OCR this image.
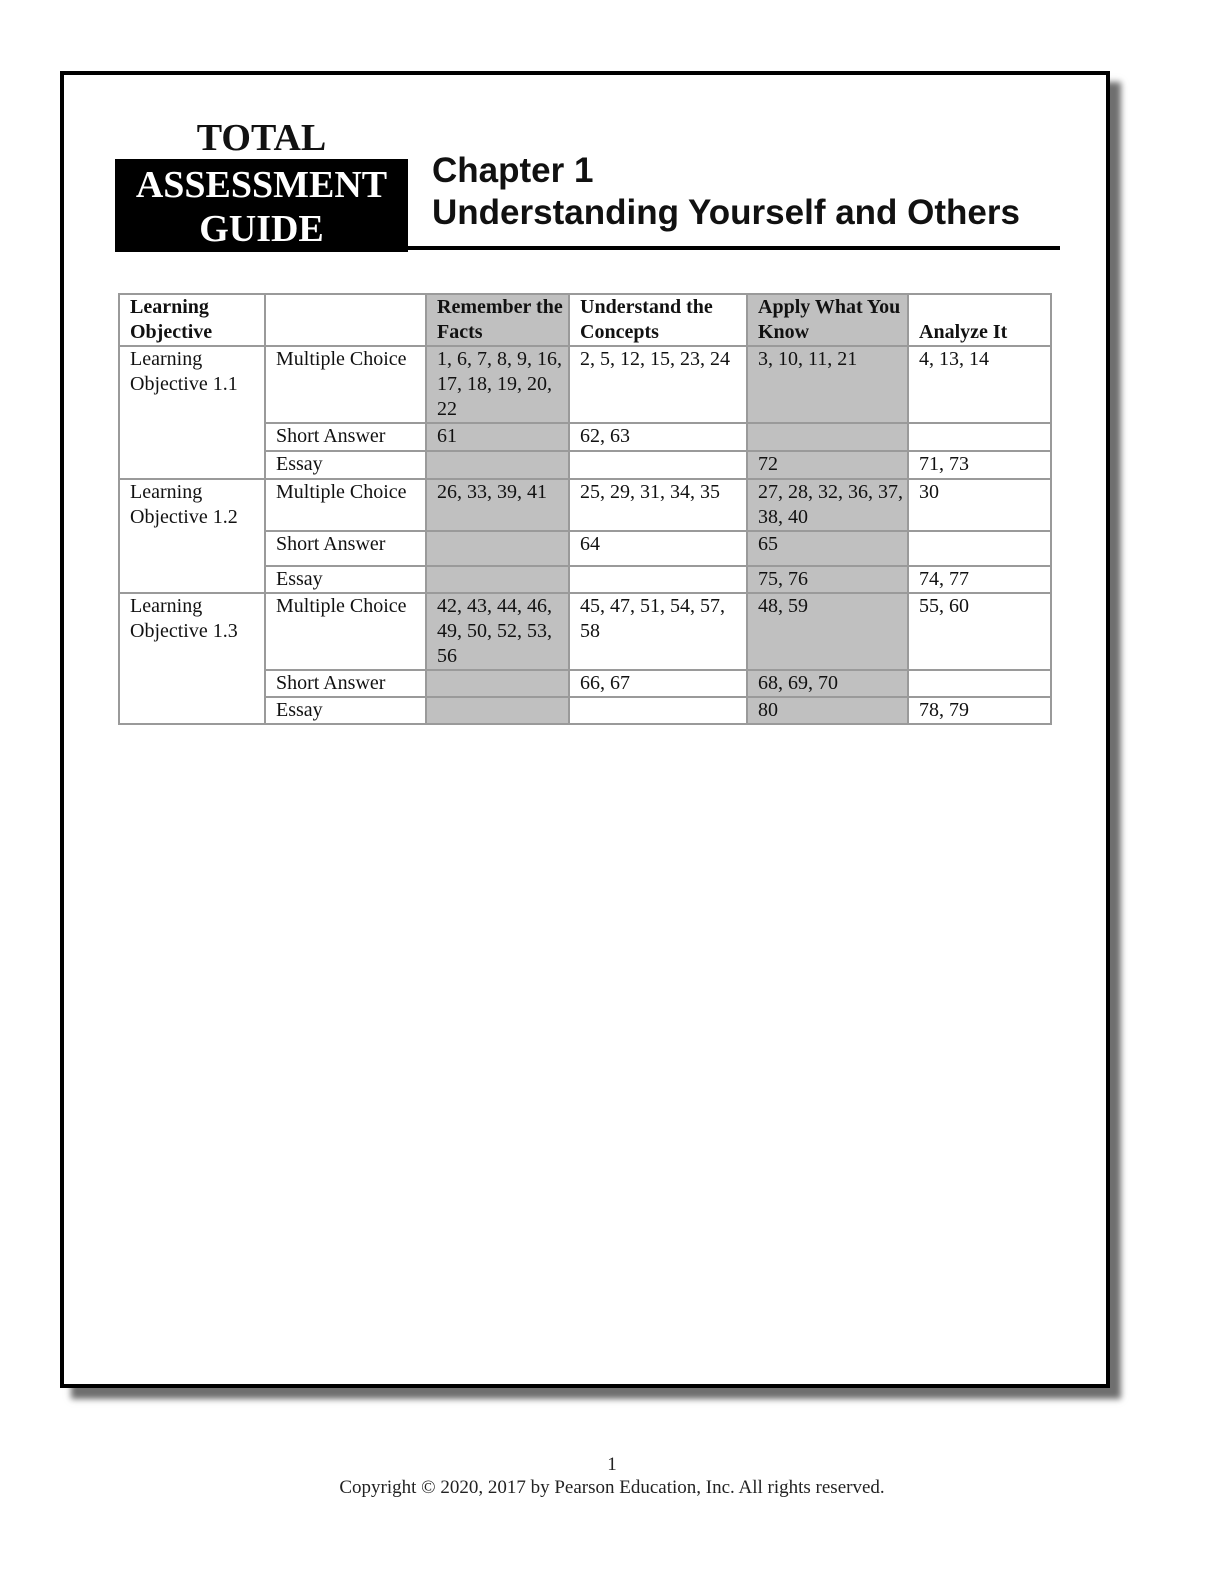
TOTAL
ASSESSMENT
GUIDE
Chapter 1
Understanding Yourself and Others
Learning Objective		Remember the Facts	Understand the Concepts	Apply What You Know	Analyze It
Learning Objective 1.1	Multiple Choice	1, 6, 7, 8, 9, 16, 17, 18, 19, 20, 22	2, 5, 12, 15, 23, 24	3, 10, 11, 21	4, 13, 14
	Short Answer	61	62, 63		
	Essay			72	71, 73
Learning Objective 1.2	Multiple Choice	26, 33, 39, 41	25, 29, 31, 34, 35	27, 28, 32, 36, 37, 38, 40	30
	Short Answer		64	65	
	Essay			75, 76	74, 77
Learning Objective 1.3	Multiple Choice	42, 43, 44, 46, 49, 50, 52, 53, 56	45, 47, 51, 54, 57, 58	48, 59	55, 60
	Short Answer		66, 67	68, 69, 70	
	Essay			80	78, 79
1
Copyright © 2020, 2017 by Pearson Education, Inc. All rights reserved.
